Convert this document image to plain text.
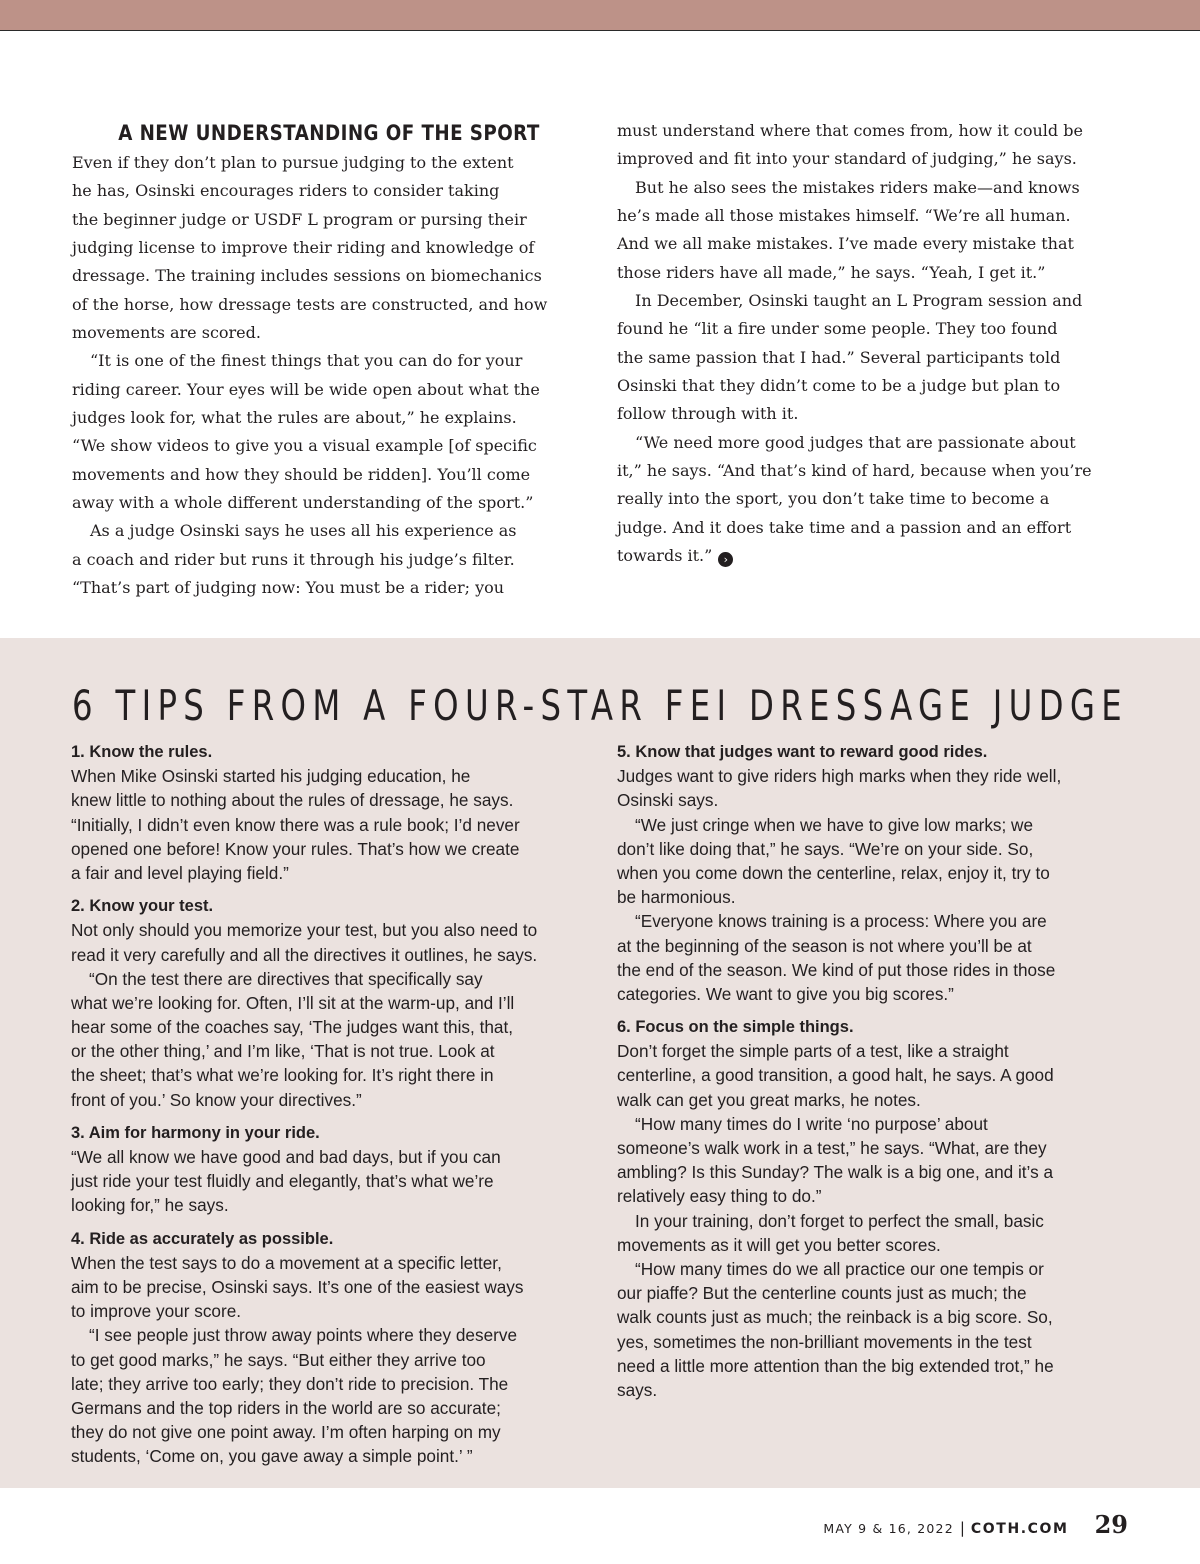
A NEW UNDERSTANDING OF THE SPORT
Even if they don’t plan to pursue judging to the extent
he has, Osinski encourages riders to consider taking
the beginner judge or USDF L program or pursing their
judging license to improve their riding and knowledge of
dressage. The training includes sessions on biomechanics
of the horse, how dressage tests are constructed, and how
movements are scored.
“It is one of the finest things that you can do for your
riding career. Your eyes will be wide open about what the
judges look for, what the rules are about,” he explains.
“We show videos to give you a visual example [of specific
movements and how they should be ridden]. You’ll come
away with a whole different understanding of the sport.”
As a judge Osinski says he uses all his experience as
a coach and rider but runs it through his judge’s filter.
“That’s part of judging now: You must be a rider; you
must understand where that comes from, how it could be
improved and fit into your standard of judging,” he says.
But he also sees the mistakes riders make—and knows
he’s made all those mistakes himself. “We’re all human.
And we all make mistakes. I’ve made every mistake that
those riders have all made,” he says. “Yeah, I get it.”
In December, Osinski taught an L Program session and
found he “lit a fire under some people. They too found
the same passion that I had.” Several participants told
Osinski that they didn’t come to be a judge but plan to
follow through with it.
“We need more good judges that are passionate about
it,” he says. “And that’s kind of hard, because when you’re
really into the sport, you don’t take time to become a
judge. And it does take time and a passion and an effort
towards it.” ›
6 TIPS FROM A FOUR-STAR FEI DRESSAGE JUDGE
1. Know the rules.
When Mike Osinski started his judging education, he
knew little to nothing about the rules of dressage, he says.
“Initially, I didn’t even know there was a rule book; I’d never
opened one before! Know your rules. That’s how we create
a fair and level playing field.”
2. Know your test.
Not only should you memorize your test, but you also need to
read it very carefully and all the directives it outlines, he says.
“On the test there are directives that specifically say
what we’re looking for. Often, I’ll sit at the warm-up, and I’ll
hear some of the coaches say, ‘The judges want this, that,
or the other thing,’ and I’m like, ‘That is not true. Look at
the sheet; that’s what we’re looking for. It’s right there in
front of you.’ So know your directives.”
3. Aim for harmony in your ride.
“We all know we have good and bad days, but if you can
just ride your test fluidly and elegantly, that’s what we’re
looking for,” he says.
4. Ride as accurately as possible.
When the test says to do a movement at a specific letter,
aim to be precise, Osinski says. It’s one of the easiest ways
to improve your score.
“I see people just throw away points where they deserve
to get good marks,” he says. “But either they arrive too
late; they arrive too early; they don’t ride to precision. The
Germans and the top riders in the world are so accurate;
they do not give one point away. I’m often harping on my
students, ‘Come on, you gave away a simple point.’ ”
5. Know that judges want to reward good rides.
Judges want to give riders high marks when they ride well,
Osinski says.
“We just cringe when we have to give low marks; we
don’t like doing that,” he says. “We’re on your side. So,
when you come down the centerline, relax, enjoy it, try to
be harmonious.
“Everyone knows training is a process: Where you are
at the beginning of the season is not where you’ll be at
the end of the season. We kind of put those rides in those
categories. We want to give you big scores.”
6. Focus on the simple things.
Don’t forget the simple parts of a test, like a straight
centerline, a good transition, a good halt, he says. A good
walk can get you great marks, he notes.
“How many times do I write ‘no purpose’ about
someone’s walk work in a test,” he says. “What, are they
ambling? Is this Sunday? The walk is a big one, and it’s a
relatively easy thing to do.”
In your training, don’t forget to perfect the small, basic
movements as it will get you better scores.
“How many times do we all practice our one tempis or
our piaffe? But the centerline counts just as much; the
walk counts just as much; the reinback is a big score. So,
yes, sometimes the non-brilliant movements in the test
need a little more attention than the big extended trot,” he
says.
MAY 9 & 16, 2022 | COTH.COM 29
